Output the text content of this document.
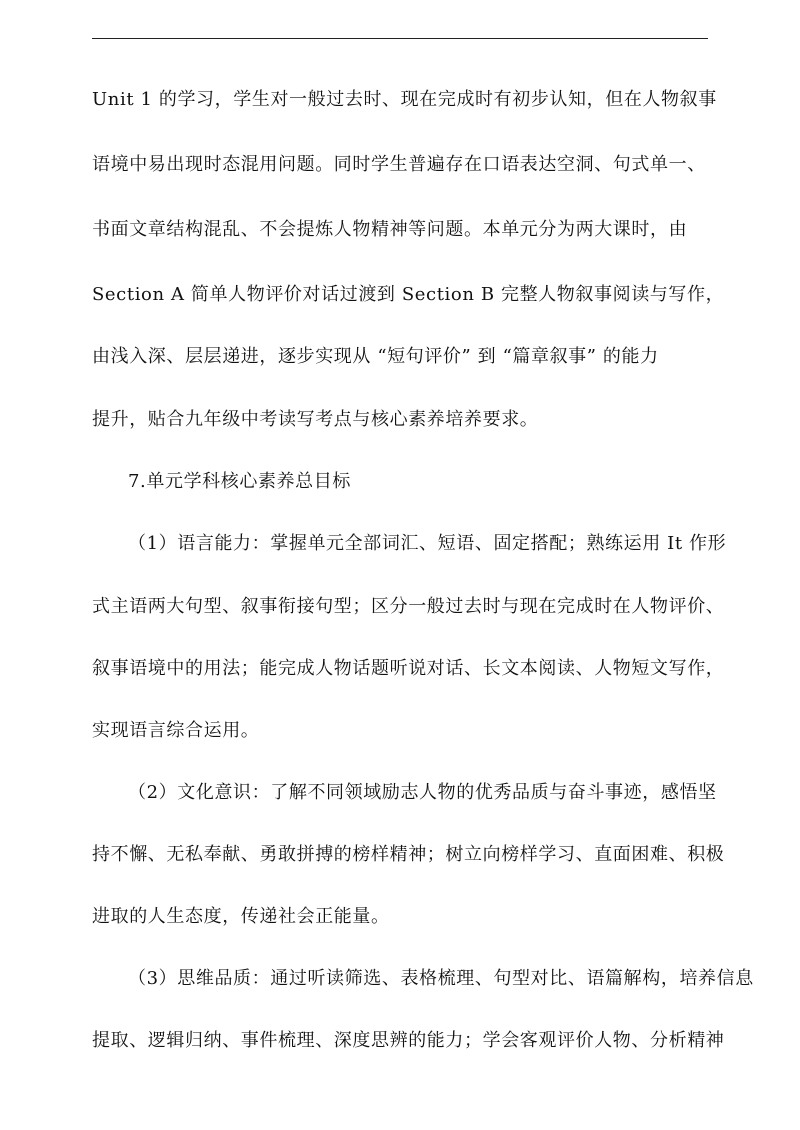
Unit 1 的学习，学生对一般过去时、现在完成时有初步认知，但在人物叙事
语境中易出现时态混用问题。同时学生普遍存在口语表达空洞、句式单一、
书面文章结构混乱、不会提炼人物精神等问题。本单元分为两大课时，由
Section A 简单人物评价对话过渡到 Section B 完整人物叙事阅读与写作，
由浅入深、层层递进，逐步实现从 “短句评价” 到 “篇章叙事” 的能力
提升，贴合九年级中考读写考点与核心素养培养要求。
7.单元学科核心素养总目标
（1）语言能力：掌握单元全部词汇、短语、固定搭配；熟练运用 It 作形
式主语两大句型、叙事衔接句型；区分一般过去时与现在完成时在人物评价、
叙事语境中的用法；能完成人物话题听说对话、长文本阅读、人物短文写作，
实现语言综合运用。
（2）文化意识：了解不同领域励志人物的优秀品质与奋斗事迹，感悟坚
持不懈、无私奉献、勇敢拼搏的榜样精神；树立向榜样学习、直面困难、积极
进取的人生态度，传递社会正能量。
（3）思维品质：通过听读筛选、表格梳理、句型对比、语篇解构，培养信息
提取、逻辑归纳、事件梳理、深度思辨的能力；学会客观评价人物、分析精神
